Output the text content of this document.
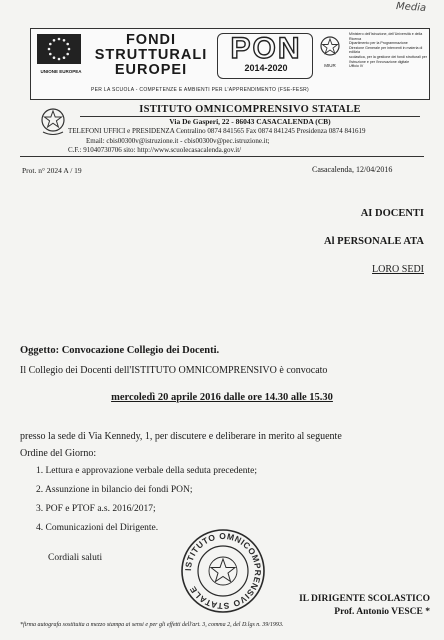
Media
UNIONE EUROPEA
FONDI
STRUTTURALI
EUROPEI
PON
2014-2020	MIUR
Ministero dell'Istruzione, dell'Università e della Ricerca
Dipartimento per la Programmazione
Direzione Generale per interventi in materia di edilizia
scolastica, per la gestione dei fondi strutturali per
l'istruzione e per l'innovazione digitale
Ufficio IV
PER LA SCUOLA - COMPETENZE E AMBIENTI PER L'APPRENDIMENTO (FSE-FESR)
ISTITUTO OMNICOMPRENSIVO STATALE
Via De Gasperi, 22 - 86043 CASACALENDA (CB)
TELEFONI UFFICI e PRESIDENZA Centralino 0874 841565 Fax 0874 841245 Presidenza 0874 841619
Email: cbis00300v@istruzione.it - cbis00300v@pec.istruzione.it;
C.F.: 91040730706 sito: http://www.scuolecasacalenda.gov.it/
Prot. n° 2024 A / 19	Casacalenda, 12/04/2016
AI DOCENTI
Al PERSONALE ATA
LORO SEDI
Oggetto: Convocazione Collegio dei Docenti.
Il Collegio dei Docenti dell'ISTITUTO OMNICOMPRENSIVO è convocato
mercoledì 20 aprile 2016 dalle ore 14.30 alle 15.30
presso la sede di Via Kennedy, 1, per discutere e deliberare in merito al seguente
Ordine del Giorno:
1. Lettura e approvazione verbale della seduta precedente;
2. Assunzione in bilancio dei fondi PON;
3. POF e PTOF a.s. 2016/2017;
4. Comunicazioni del Dirigente.
Cordiali saluti
ISTITUTO OMNICOMPRENSIVO STATALE
IL DIRIGENTE SCOLASTICO
Prof. Antonio VESCE *
*firma autografa sostituita a mezzo stampa ai sensi e per gli effetti dell'art. 3, comma 2, del D.lgs n. 39/1993.
